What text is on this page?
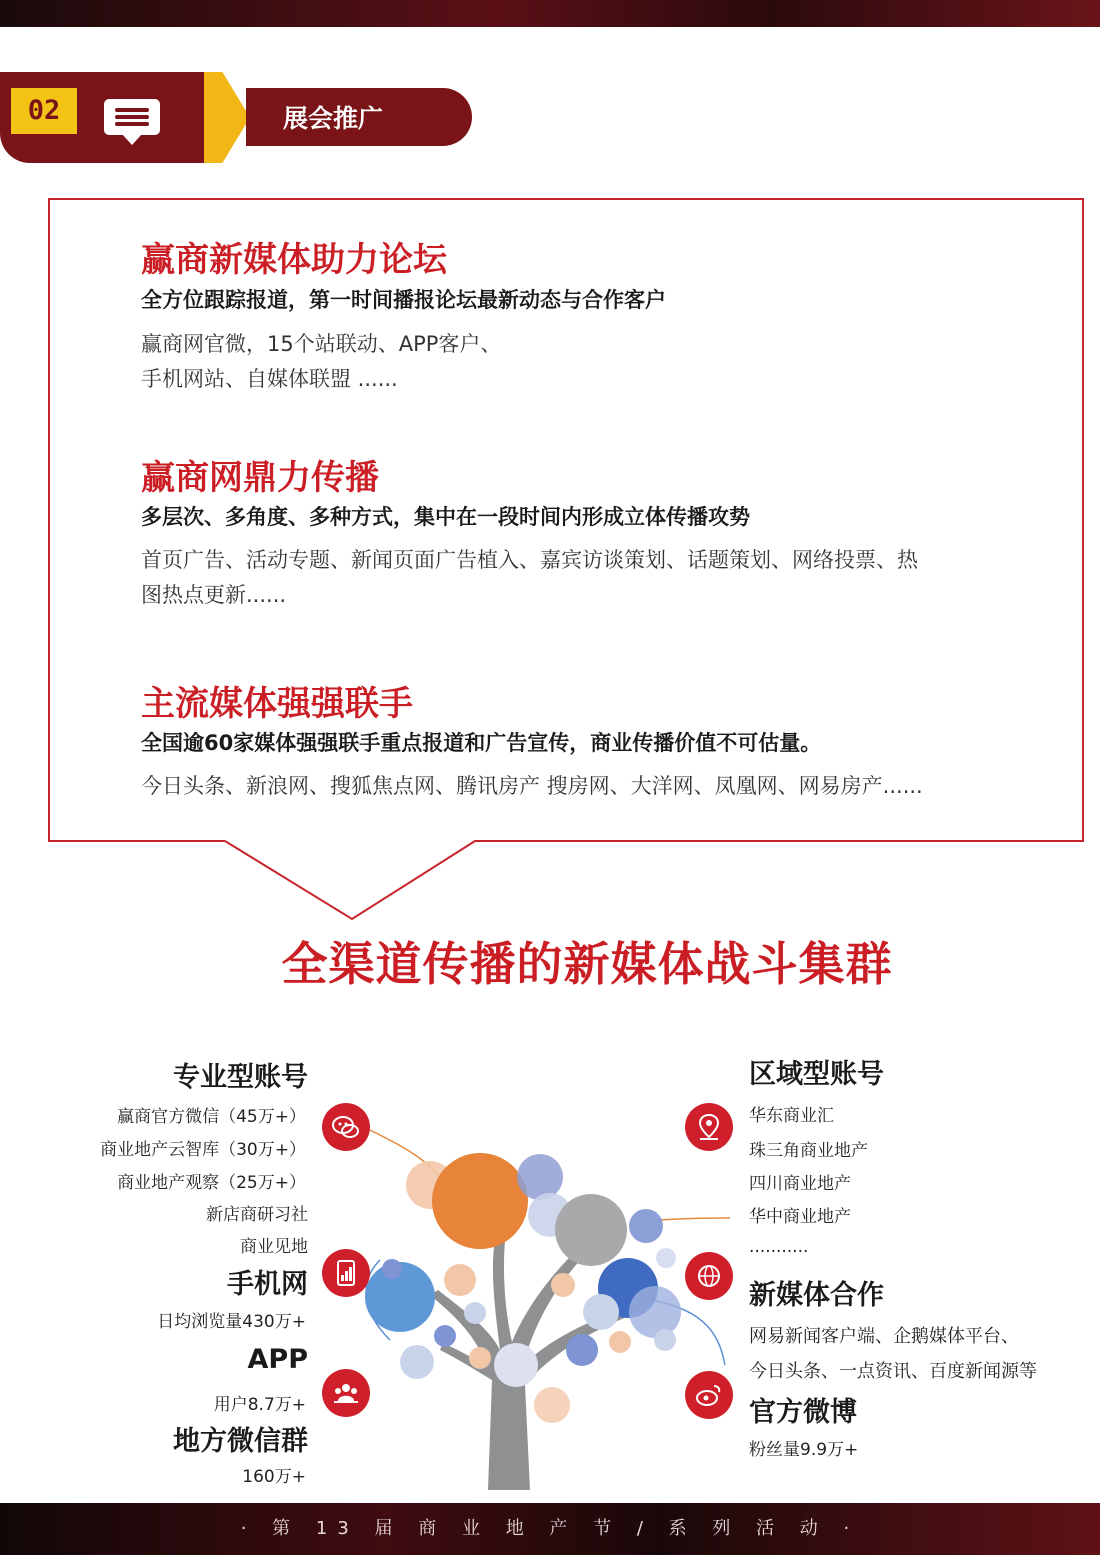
02	展会推广
赢商新媒体助力论坛
全方位跟踪报道，第一时间播报论坛最新动态与合作客户
赢商网官微，15个站联动、APP客户、
手机网站、自媒体联盟 ......
赢商网鼎力传播
多层次、多角度、多种方式，集中在一段时间内形成立体传播攻势
首页广告、活动专题、新闻页面广告植入、嘉宾访谈策划、话题策划、网络投票、热
图热点更新......
主流媒体强强联手
全国逾60家媒体强强联手重点报道和广告宣传，商业传播价值不可估量。
今日头条、新浪网、搜狐焦点网、腾讯房产 搜房网、大洋网、凤凰网、网易房产......
全渠道传播的新媒体战斗集群
专业型账号
赢商官方微信（45万+）
商业地产云智库（30万+）
商业地产观察（25万+）
新店商研习社
商业见地
手机网
日均浏览量430万+
APP
用户8.7万+
地方微信群
160万+
区域型账号
华东商业汇
珠三角商业地产
四川商业地产
华中商业地产
...........
新媒体合作
网易新闻客户端、企鹅媒体平台、
今日头条、一点资讯、百度新闻源等
官方微博
粉丝量9.9万+
· 第 13 届 商 业 地 产 节 / 系 列 活 动 ·
